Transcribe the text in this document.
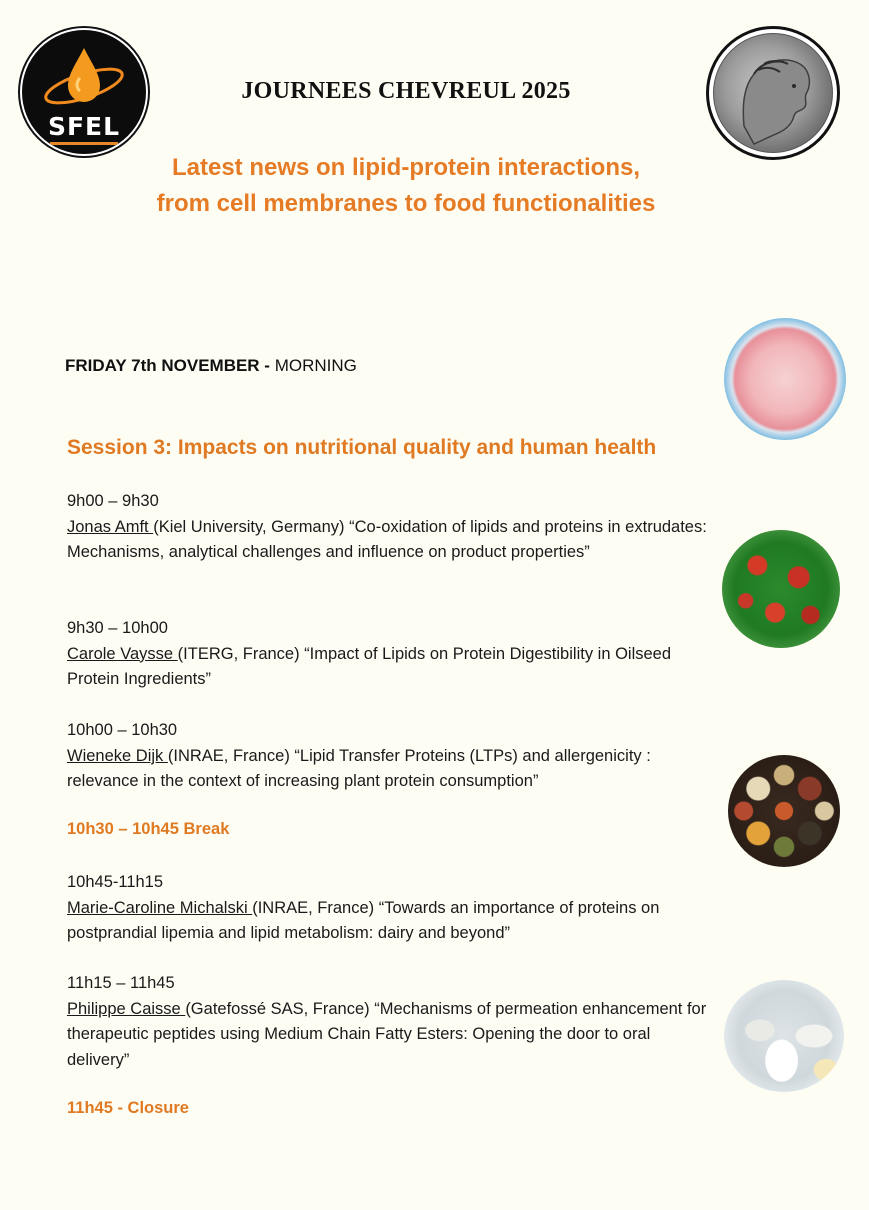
SFEL
JOURNEES CHEVREUL 2025
Latest news on lipid-protein interactions,
from cell membranes to food functionalities
FRIDAY 7th NOVEMBER - MORNING
Session 3: Impacts on nutritional quality and human health
9h00 – 9h30
Jonas Amft (Kiel University, Germany) “Co-oxidation of lipids and proteins in extrudates: Mechanisms, analytical challenges and influence on product properties”
9h30 – 10h00
Carole Vaysse (ITERG, France) “Impact of Lipids on Protein Digestibility in Oilseed Protein Ingredients”
10h00 – 10h30
Wieneke Dijk (INRAE, France) “Lipid Transfer Proteins (LTPs) and allergenicity : relevance in the context of increasing plant protein consumption”
10h30 – 10h45 Break
10h45-11h15
Marie-Caroline Michalski (INRAE, France) “Towards an importance of proteins on postprandial lipemia and lipid metabolism: dairy and beyond”
11h15 – 11h45
Philippe Caisse (Gatefossé SAS, France) “Mechanisms of permeation enhancement for therapeutic peptides using Medium Chain Fatty Esters: Opening the door to oral delivery”
11h45 - Closure
